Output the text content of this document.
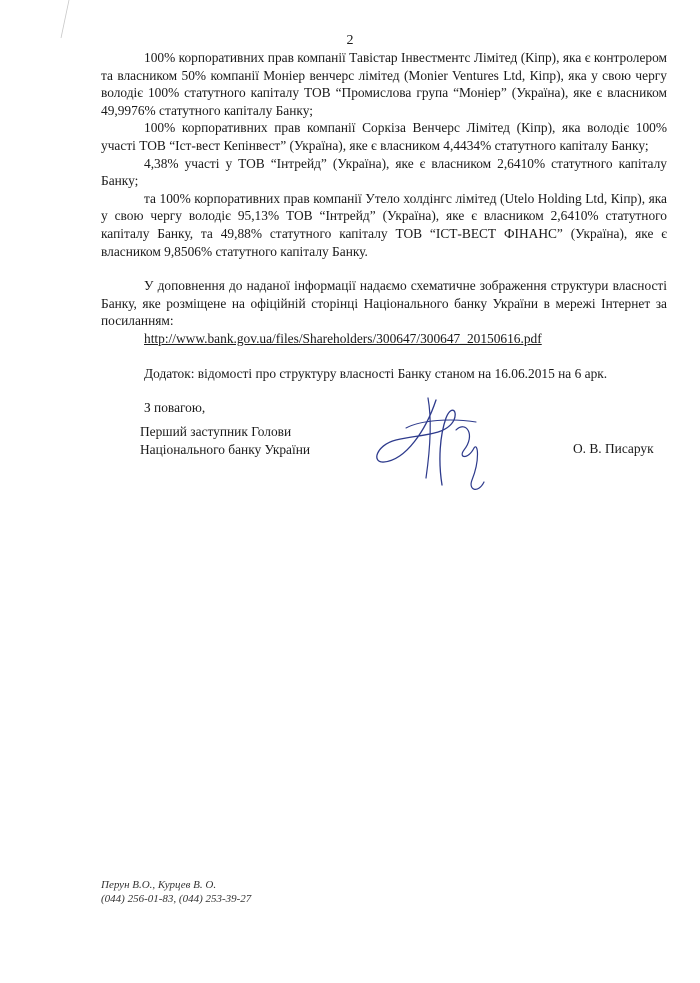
2

100% корпоративних прав компанії Тавістар Інвестментс Лімітед (Кіпр), яка є контролером та власником 50% компанії Моніер венчерс лімітед (Monier Ventures Ltd, Кіпр), яка у свою чергу володіє 100% статутного капіталу ТОВ “Промислова група “Моніер” (Україна), яке є власником 49,9976% статутного капіталу Банку;

100% корпоративних прав компанії Соркіза Венчерс Лімітед (Кіпр), яка володіє 100% участі ТОВ “Іст-вест Кепінвест” (Україна), яке є власником 4,4434% статутного капіталу Банку;

4,38% участі у ТОВ “Інтрейд” (Україна), яке є власником 2,6410% статутного капіталу Банку;

та 100% корпоративних прав компанії Утело холдінгс лімітед (Utelo Holding Ltd, Кіпр), яка у свою чергу володіє 95,13% ТОВ “Інтрейд” (Україна), яке є власником 2,6410% статутного капіталу Банку, та 49,88% статутного капіталу ТОВ “ІСТ-ВЕСТ ФІНАНС” (Україна), яке є власником 9,8506% статутного капіталу Банку.

У доповнення до наданої інформації надаємо схематичне зображення структури власності Банку, яке розміщене на офіційній сторінці Національного банку України в мережі Інтернет за посиланням:

http://www.bank.gov.ua/files/Shareholders/300647/300647_20150616.pdf

Додаток: відомості про структуру власності Банку станом на 16.06.2015 на 6 арк.

З повагою,

Перший заступник Голови
Національного банку України	О. В. Писарук
Перун В.О., Курцев В. О.
(044) 256-01-83, (044) 253-39-27
